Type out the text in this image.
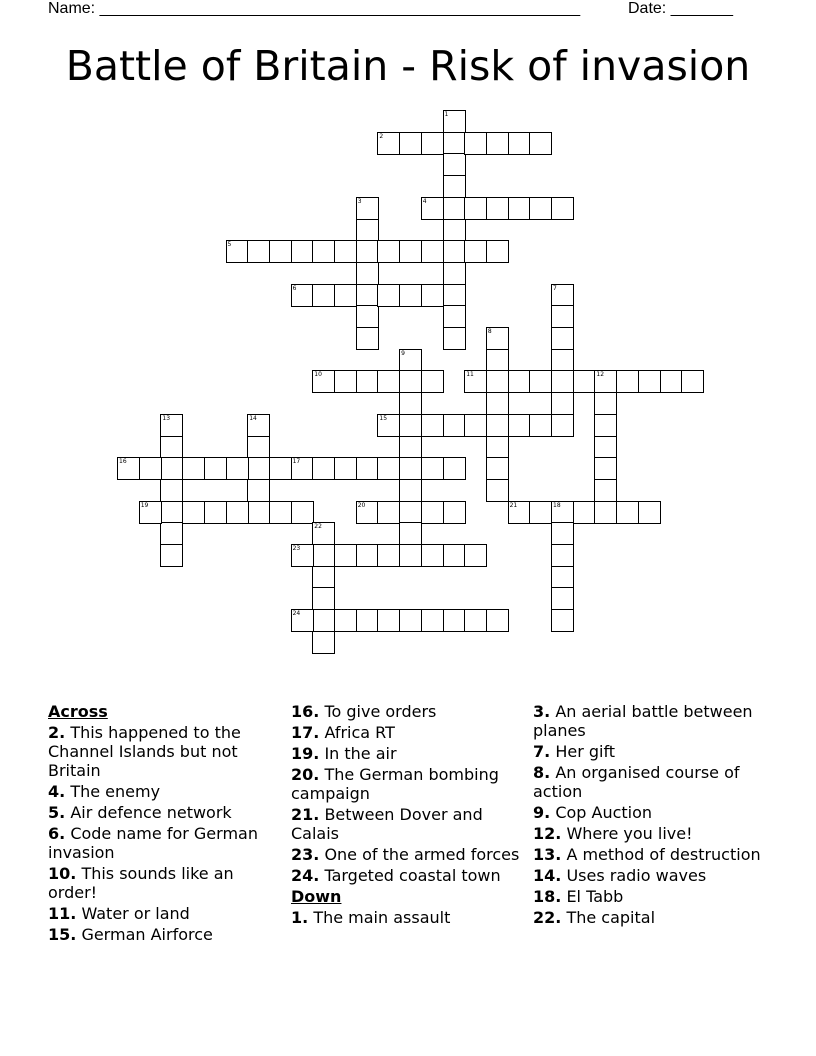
Name: ______________________________________________________	Date: _______
Battle of Britain - Risk of invasion
1
2
3	4
5
6	7
8
9
10	11	12
13	14	15
16	17
18
19	20	21
22
23
24
Across
2. This happened to the Channel Islands but not Britain
4. The enemy
5. Air defence network
6. Code name for German invasion
10. This sounds like an order!
11. Water or land
15. German Airforce
16. To give orders
17. Africa RT
19. In the air
20. The German bombing campaign
21. Between Dover and Calais
23. One of the armed forces
24. Targeted coastal town
Down
1. The main assault
3. An aerial battle between planes
7. Her gift
8. An organised course of action
9. Cop Auction
12. Where you live!
13. A method of destruction
14. Uses radio waves
18. El Tabb
22. The capital
